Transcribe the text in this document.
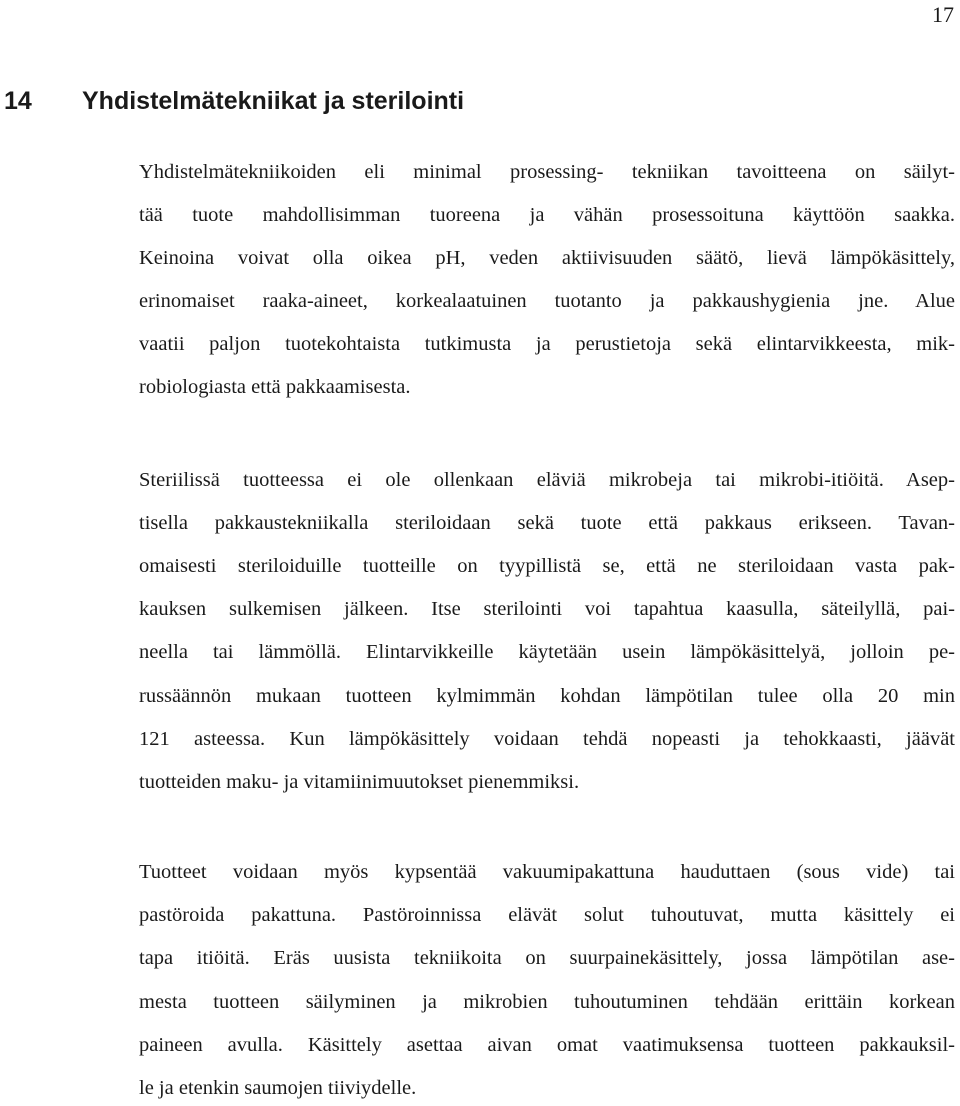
17
14 Yhdistelmätekniikat ja sterilointi
Yhdistelmätekniikoiden eli minimal prosessing- tekniikan tavoitteena on säilyt-
tää tuote mahdollisimman tuoreena ja vähän prosessoituna käyttöön saakka.
Keinoina voivat olla oikea pH, veden aktiivisuuden säätö, lievä lämpökäsittely,
erinomaiset raaka-aineet, korkealaatuinen tuotanto ja pakkaushygienia jne. Alue
vaatii paljon tuotekohtaista tutkimusta ja perustietoja sekä elintarvikkeesta, mik-
robiologiasta että pakkaamisesta.
Steriilissä tuotteessa ei ole ollenkaan eläviä mikrobeja tai mikrobi-itiöitä. Asep-
tisella pakkaustekniikalla steriloidaan sekä tuote että pakkaus erikseen. Tavan-
omaisesti steriloiduille tuotteille on tyypillistä se, että ne steriloidaan vasta pak-
kauksen sulkemisen jälkeen. Itse sterilointi voi tapahtua kaasulla, säteilyllä, pai-
neella tai lämmöllä. Elintarvikkeille käytetään usein lämpökäsittelyä, jolloin pe-
russäännön mukaan tuotteen kylmimmän kohdan lämpötilan tulee olla 20 min
121 asteessa. Kun lämpökäsittely voidaan tehdä nopeasti ja tehokkaasti, jäävät
tuotteiden maku- ja vitamiinimuutokset pienemmiksi.
Tuotteet voidaan myös kypsentää vakuumipakattuna hauduttaen (sous vide) tai
pastöroida pakattuna. Pastöroinnissa elävät solut tuhoutuvat, mutta käsittely ei
tapa itiöitä. Eräs uusista tekniikoita on suurpainekäsittely, jossa lämpötilan ase-
mesta tuotteen säilyminen ja mikrobien tuhoutuminen tehdään erittäin korkean
paineen avulla. Käsittely asettaa aivan omat vaatimuksensa tuotteen pakkauksil-
le ja etenkin saumojen tiiviydelle.
